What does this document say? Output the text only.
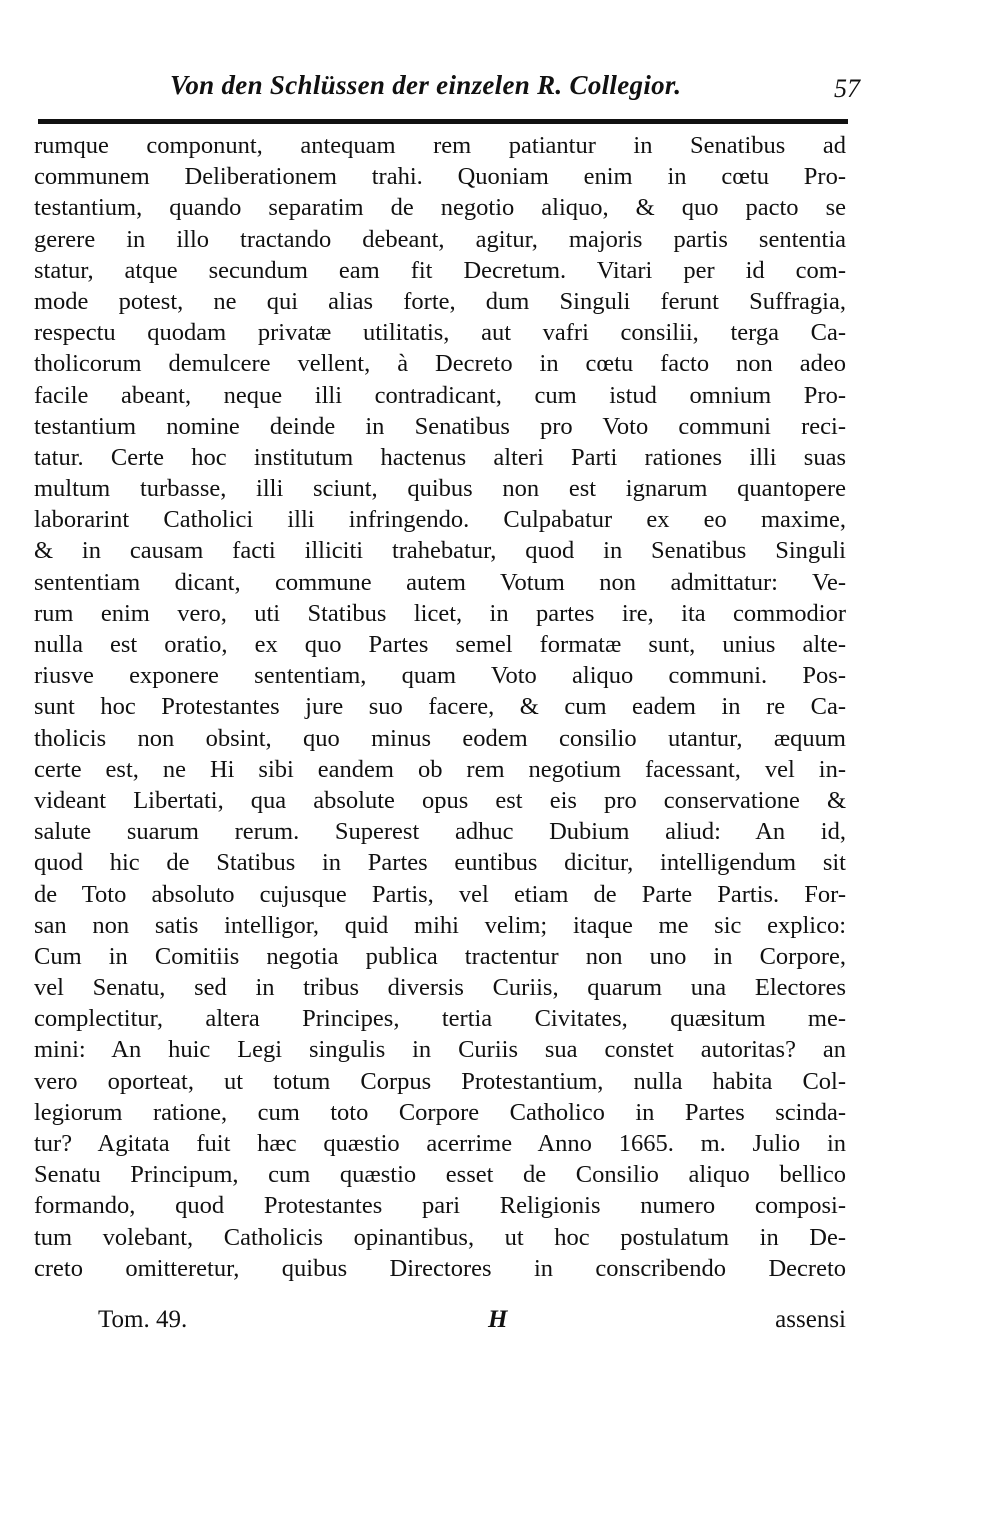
Von den Schlüssen der einzelen R. Collegior.	57
rumque componunt, antequam rem patiantur in Senatibus ad
communem Deliberationem trahi. Quoniam enim in cœtu Pro-
testantium, quando separatim de negotio aliquo, & quo pacto se
gerere in illo tractando debeant, agitur, majoris partis sententia
statur, atque secundum eam fit Decretum. Vitari per id com-
mode potest, ne qui alias forte, dum Singuli ferunt Suffragia,
respectu quodam privatæ utilitatis, aut vafri consilii, terga Ca-
tholicorum demulcere vellent, à Decreto in cœtu facto non adeo
facile abeant, neque illi contradicant, cum istud omnium Pro-
testantium nomine deinde in Senatibus pro Voto communi reci-
tatur. Certe hoc institutum hactenus alteri Parti rationes illi suas
multum turbasse, illi sciunt, quibus non est ignarum quantopere
laborarint Catholici illi infringendo. Culpabatur ex eo maxime,
& in causam facti illiciti trahebatur, quod in Senatibus Singuli
sententiam dicant, commune autem Votum non admittatur: Ve-
rum enim vero, uti Statibus licet, in partes ire, ita commodior
nulla est oratio, ex quo Partes semel formatæ sunt, unius alte-
riusve exponere sententiam, quam Voto aliquo communi. Pos-
sunt hoc Protestantes jure suo facere, & cum eadem in re Ca-
tholicis non obsint, quo minus eodem consilio utantur, æquum
certe est, ne Hi sibi eandem ob rem negotium facessant, vel in-
videant Libertati, qua absolute opus est eis pro conservatione &
salute suarum rerum. Superest adhuc Dubium aliud: An id,
quod hic de Statibus in Partes euntibus dicitur, intelligendum sit
de Toto absoluto cujusque Partis, vel etiam de Parte Partis. For-
san non satis intelligor, quid mihi velim; itaque me sic explico:
Cum in Comitiis negotia publica tractentur non uno in Corpore,
vel Senatu, sed in tribus diversis Curiis, quarum una Electores
complectitur, altera Principes, tertia Civitates, quæsitum me-
mini: An huic Legi singulis in Curiis sua constet autoritas? an
vero oporteat, ut totum Corpus Protestantium, nulla habita Col-
legiorum ratione, cum toto Corpore Catholico in Partes scinda-
tur? Agitata fuit hæc quæstio acerrime Anno 1665. m. Julio in
Senatu Principum, cum quæstio esset de Consilio aliquo bellico
formando, quod Protestantes pari Religionis numero composi-
tum volebant, Catholicis opinantibus, ut hoc postulatum in De-
creto omitteretur, quibus Directores in conscribendo Decreto
Tom. 49.	H	assensi
